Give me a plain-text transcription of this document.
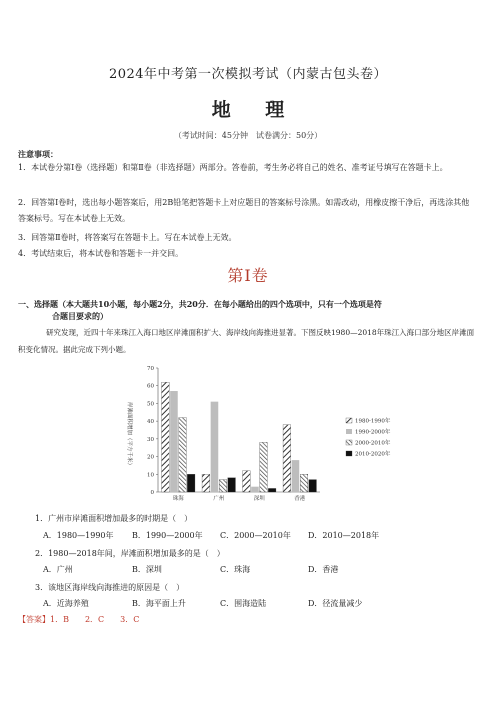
2024年中考第一次模拟考试（内蒙古包头卷）
地 理
（考试时间：45分钟　试卷满分：50分）
注意事项：
1．本试卷分第Ⅰ卷（选择题）和第Ⅱ卷（非选择题）两部分。答卷前，考生务必将自己的姓名、准考证号填写在答题卡上。
2．回答第Ⅰ卷时，选出每小题答案后，用2B铅笔把答题卡上对应题目的答案标号涂黑。如需改动，用橡皮擦干净后，再选涂其他答案标号。写在本试卷上无效。
3．回答第Ⅱ卷时，将答案写在答题卡上。写在本试卷上无效。
4．考试结束后，将本试卷和答题卡一并交回。
第Ⅰ卷
一、选择题（本大题共10小题，每小题2分，共20分．在每小题给出的四个选项中，只有一个选项是符
合题目要求的）
研究发现，近四十年来珠江入海口地区岸滩面积扩大、海岸线向海推进显著。下图反映1980—2018年珠江入海口部分地区岸滩面积变化情况。据此完成下列小题。
0
10
20
30
40
50
60
70
珠海	广州	深圳	香港
1980-1990年
1990-2000年
2000-2010年
2010-2020年
岸滩面积增加（平方千米）
1．广州市岸滩面积增加最多的时期是（　）
A．1980—1990年 B．1990—2000年 C．2000—2010年 D．2010—2018年
2．1980—2018年间，岸滩面积增加最多的是（　）
A．广州	B．深圳	C．珠海	D．香港
3．该地区海岸线向海推进的原因是（　）
A．近海养殖	B．海平面上升	C．围海造陆	D．径流量减少
【答案】1．B　　2．C　　3．C
